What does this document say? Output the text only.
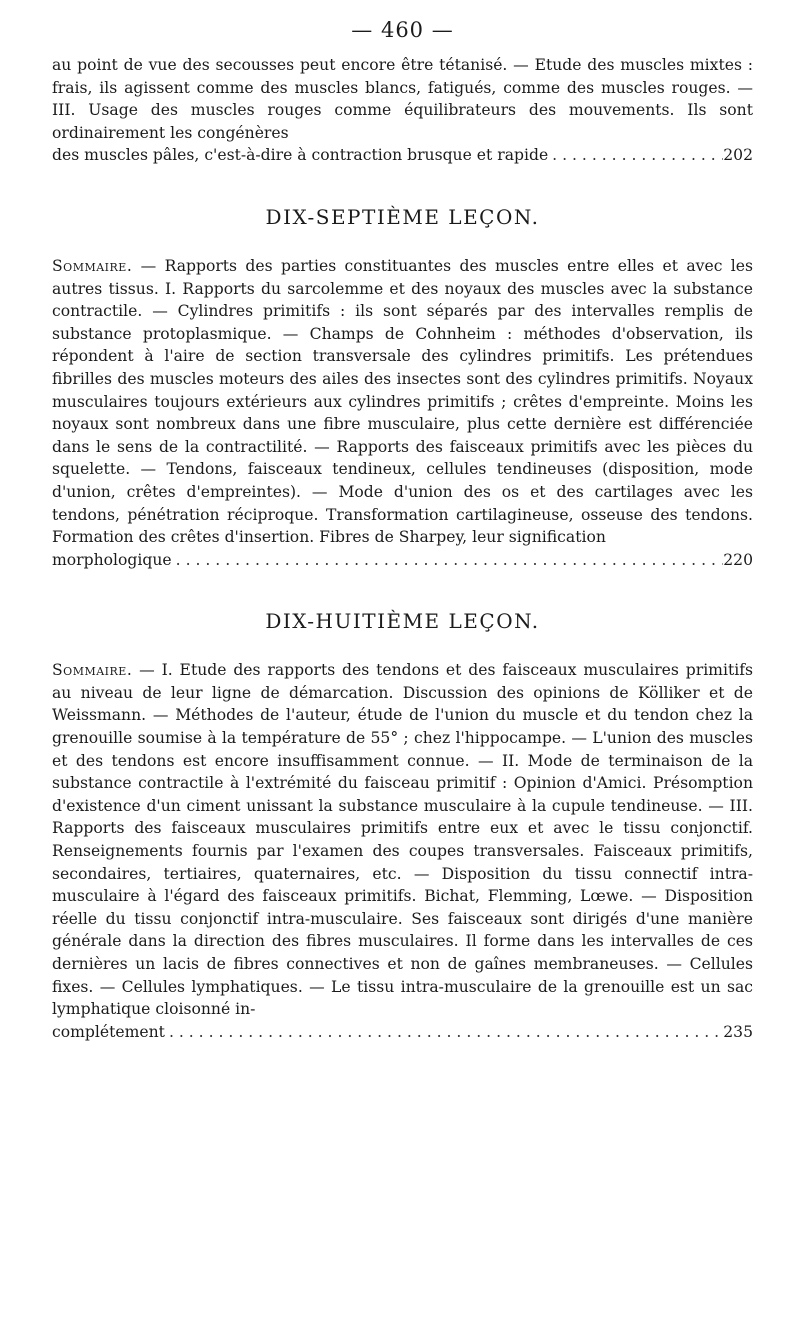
— 460 —

au point de vue des secousses peut encore être tétanisé. — Etude des muscles mixtes : frais, ils agissent comme des muscles blancs, fatigués, comme des muscles rouges. — III. Usage des muscles rouges comme équilibrateurs des mouvements. Ils sont ordinairement les congénères

des muscles pâles, c'est-à-dire à contraction brusque et rapide . . .	202
DIX-SEPTIÈME LEÇON.

Sommaire. — Rapports des parties constituantes des muscles entre elles et avec les autres tissus. I. Rapports du sarcolemme et des noyaux des muscles avec la substance contractile. — Cylindres primitifs : ils sont séparés par des intervalles remplis de substance protoplasmique. — Champs de Cohnheim : méthodes d'observation, ils répondent à l'aire de section transversale des cylindres primitifs. Les prétendues fibrilles des muscles moteurs des ailes des insectes sont des cylindres primitifs. Noyaux musculaires toujours extérieurs aux cylindres primitifs ; crêtes d'empreinte. Moins les noyaux sont nombreux dans une fibre musculaire, plus cette dernière est différenciée dans le sens de la contractilité. — Rapports des faisceaux primitifs avec les pièces du squelette. — Tendons, faisceaux tendineux, cellules tendineuses (disposition, mode d'union, crêtes d'empreintes). — Mode d'union des os et des cartilages avec les tendons, pénétration réciproque. Transformation cartilagineuse, osseuse des tendons. Formation des crêtes d'insertion. Fibres de Sharpey, leur signification

morphologique . . .	220
DIX-HUITIÈME LEÇON.

Sommaire. — I. Etude des rapports des tendons et des faisceaux musculaires primitifs au niveau de leur ligne de démarcation. Discussion des opinions de Kölliker et de Weissmann. — Méthodes de l'auteur, étude de l'union du muscle et du tendon chez la grenouille soumise à la température de 55° ; chez l'hippocampe. — L'union des muscles et des tendons est encore insuffisamment connue. — II. Mode de terminaison de la substance contractile à l'extrémité du faisceau primitif : Opinion d'Amici. Présomption d'existence d'un ciment unissant la substance musculaire à la cupule tendineuse. — III. Rapports des faisceaux musculaires primitifs entre eux et avec le tissu conjonctif. Renseignements fournis par l'examen des coupes transversales. Faisceaux primitifs, secondaires, tertiaires, quaternaires, etc. — Disposition du tissu connectif intra-musculaire à l'égard des faisceaux primitifs. Bichat, Flemming, Lœwe. — Disposition réelle du tissu conjonctif intra-musculaire. Ses faisceaux sont dirigés d'une manière générale dans la direction des fibres musculaires. Il forme dans les intervalles de ces dernières un lacis de fibres connectives et non de gaînes membraneuses. — Cellules fixes. — Cellules lymphatiques. — Le tissu intra-musculaire de la grenouille est un sac lymphatique cloisonné in-

complétement . . .	235
